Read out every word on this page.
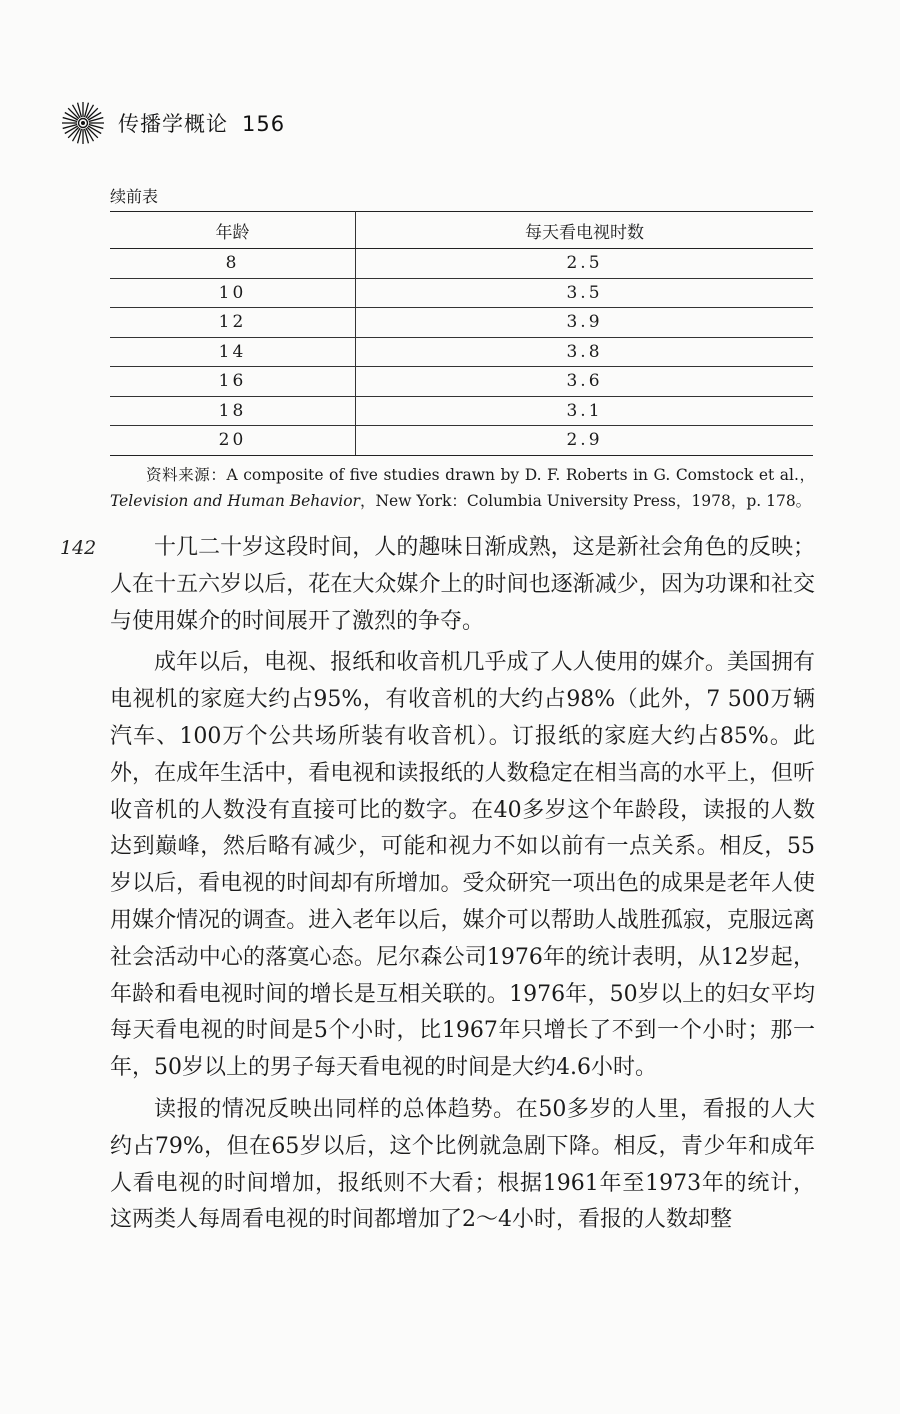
传播学概论 156
续前表
年龄	每天看电视时数
8	2.5
10	3.5
12	3.9
14	3.8
16	3.6
18	3.1
20	2.9
资料来源：A composite of five studies drawn by D. F. Roberts in G. Comstock et al.，Television and Human Behavior，New York：Columbia University Press，1978，p. 178。
142	十几二十岁这段时间，人的趣味日渐成熟，这是新社会角色的反映；人在十五六岁以后，花在大众媒介上的时间也逐渐减少，因为功课和社交与使用媒介的时间展开了激烈的争夺。

成年以后，电视、报纸和收音机几乎成了人人使用的媒介。美国拥有电视机的家庭大约占95%，有收音机的大约占98%（此外，7 500万辆汽车、100万个公共场所装有收音机）。订报纸的家庭大约占85%。此外，在成年生活中，看电视和读报纸的人数稳定在相当高的水平上，但听收音机的人数没有直接可比的数字。在40多岁这个年龄段，读报的人数达到巅峰，然后略有减少，可能和视力不如以前有一点关系。相反，55岁以后，看电视的时间却有所增加。受众研究一项出色的成果是老年人使用媒介情况的调查。进入老年以后，媒介可以帮助人战胜孤寂，克服远离社会活动中心的落寞心态。尼尔森公司1976年的统计表明，从12岁起，年龄和看电视时间的增长是互相关联的。1976年，50岁以上的妇女平均每天看电视的时间是5个小时，比1967年只增长了不到一个小时；那一年，50岁以上的男子每天看电视的时间是大约4.6小时。

读报的情况反映出同样的总体趋势。在50多岁的人里，看报的人大约占79%，但在65岁以后，这个比例就急剧下降。相反，青少年和成年人看电视的时间增加，报纸则不大看；根据1961年至1973年的统计，这两类人每周看电视的时间都增加了2～4小时，看报的人数却整
